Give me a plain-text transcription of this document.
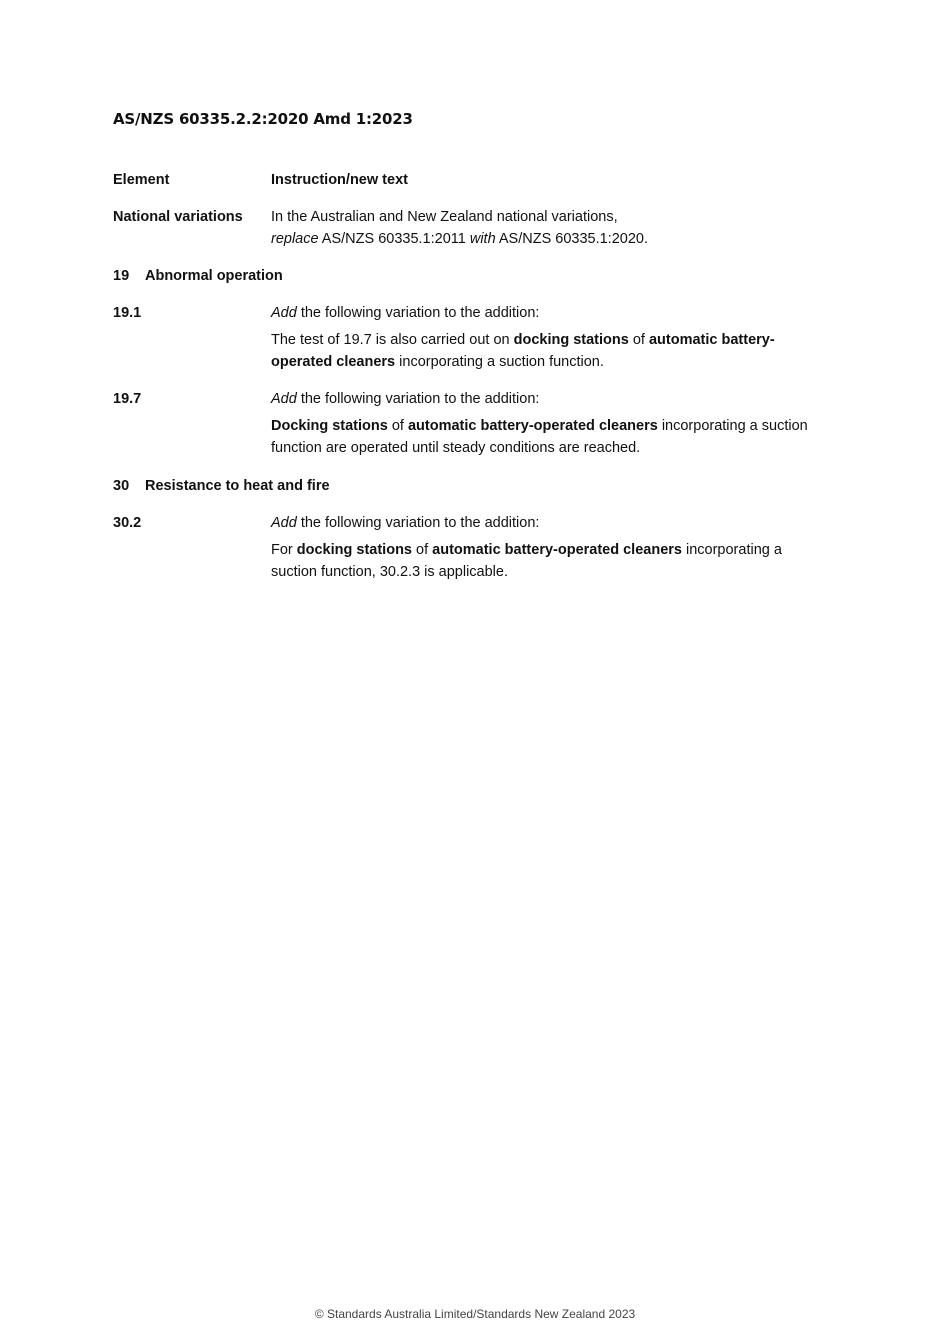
AS/NZS 60335.2.2:2020 Amd 1:2023
Element	Instruction/new text
National variations	In the Australian and New Zealand national variations,
replace AS/NZS 60335.1:2011 with AS/NZS 60335.1:2020.

19 Abnormal operation
19.1	Add the following variation to the addition:

The test of 19.7 is also carried out on docking stations of automatic battery-operated cleaners incorporating a suction function.

19.7	Add the following variation to the addition:

Docking stations of automatic battery-operated cleaners incorporating a suction function are operated until steady conditions are reached.

30 Resistance to heat and fire
30.2	Add the following variation to the addition:

For docking stations of automatic battery-operated cleaners incorporating a suction function, 30.2.3 is applicable.

© Standards Australia Limited/Standards New Zealand 2023
